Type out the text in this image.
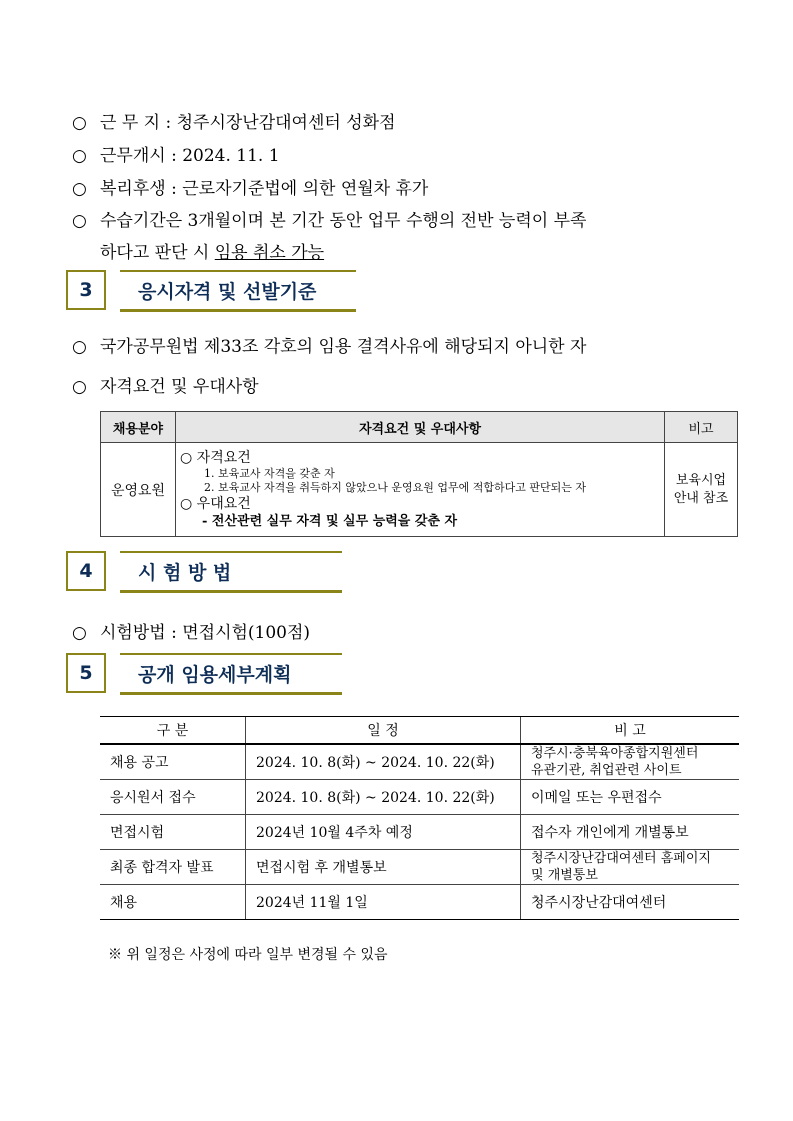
○ 근 무 지 : 청주시장난감대여센터 성화점
○ 근무개시 : 2024. 11. 1
○ 복리후생 : 근로자기준법에 의한 연월차 휴가
○ 수습기간은 3개월이며 본 기간 동안 업무 수행의 전반 능력이 부족
하다고 판단 시 임용 취소 가능
3	응시자격 및 선발기준
○ 국가공무원법 제33조 각호의 임용 결격사유에 해당되지 아니한 자
○ 자격요건 및 우대사항
채용분야	자격요건 및 우대사항	비고
운영요원	○ 자격요건
1. 보육교사 자격을 갖춘 자
2. 보육교사 자격을 취득하지 않았으나 운영요원 업무에 적합하다고 판단되는 자
○ 우대요건
- 전산관련 실무 자격 및 실무 능력을 갖춘 자	보육시업 안내 참조
4	시 험 방 법
○ 시험방법 : 면접시험(100점)
5	공개 임용세부계획
구 분	일 정	비 고
채용 공고	2024. 10. 8(화) ~ 2024. 10. 22(화)	청주시·충북육아종합지원센터
유관기관, 취업관련 사이트

응시원서 접수	2024. 10. 8(화) ~ 2024. 10. 22(화)	이메일 또는 우편접수

면접시험	2024년 10월 4주차 예정	접수자 개인에게 개별통보

최종 합격자 발표	면접시험 후 개별통보	청주시장난감대여센터 홈페이지
및 개별통보

채용	2024년 11월 1일	청주시장난감대여센터
※ 위 일정은 사정에 따라 일부 변경될 수 있음
